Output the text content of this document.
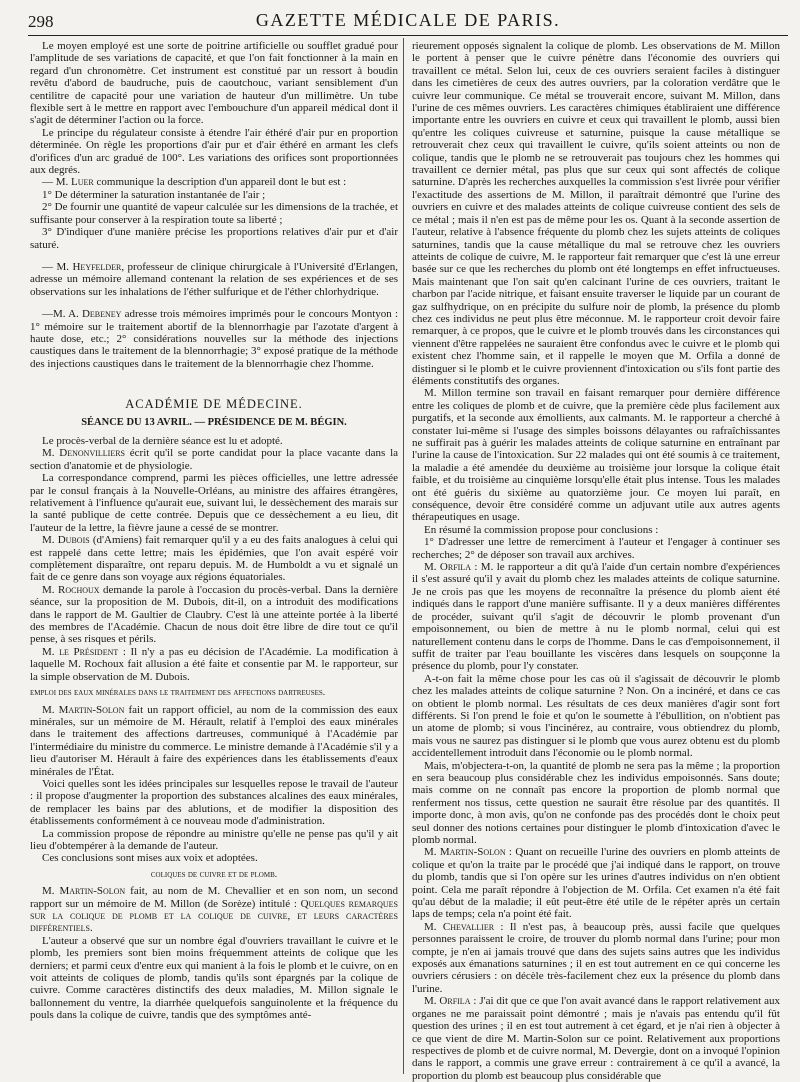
298	GAZETTE MÉDICALE DE PARIS.

Le moyen employé est une sorte de poitrine artificielle ou soufflet gradué pour l'amplitude de ses variations de capacité, et que l'on fait fonctionner à la main en regard d'un chronomètre. Cet instrument est constitué par un ressort à boudin revêtu d'abord de baudruche, puis de caoutchouc, variant sensiblement d'un centilitre de capacité pour une variation de hauteur d'un millimètre. Un tube flexible sert à le mettre en rapport avec l'embouchure d'un appareil médical dont il s'agit de déterminer l'action ou la force.

Le principe du régulateur consiste à étendre l'air éthéré d'air pur en proportion déterminée. On règle les proportions d'air pur et d'air éthéré en armant les clefs d'orifices d'un arc gradué de 100°. Les variations des orifices sont proportionnées aux degrés.

— M. Luer communique la description d'un appareil dont le but est :

1° De déterminer la saturation instantanée de l'air ;

2° De fournir une quantité de vapeur calculée sur les dimensions de la trachée, et suffisante pour conserver à la respiration toute sa liberté ;

3° D'indiquer d'une manière précise les proportions relatives d'air pur et d'air saturé.

— M. Heyfelder, professeur de clinique chirurgicale à l'Université d'Erlangen, adresse un mémoire allemand contenant la relation de ses expériences et de ses observations sur les inhalations de l'éther sulfurique et de l'éther chlorhydrique.

—M. A. Debeney adresse trois mémoires imprimés pour le concours Montyon : 1° mémoire sur le traitement abortif de la blennorrhagie par l'azotate d'argent à haute dose, etc.; 2° considérations nouvelles sur la méthode des injections caustiques dans le traitement de la blennorrhagie; 3° exposé pratique de la méthode des injections caustiques dans le traitement de la blennorrhagie chez l'homme.

ACADÉMIE DE MÉDECINE.
SÉANCE DU 13 AVRIL. — PRÉSIDENCE DE M. BÉGIN.

Le procès-verbal de la dernière séance est lu et adopté.

M. Denonvilliers écrit qu'il se porte candidat pour la place vacante dans la section d'anatomie et de physiologie.

La correspondance comprend, parmi les pièces officielles, une lettre adressée par le consul français à la Nouvelle-Orléans, au ministre des affaires étrangères, relativement à l'influence qu'aurait eue, suivant lui, le dessèchement des marais sur la santé publique de cette contrée. Depuis que ce dessèchement a eu lieu, dit l'auteur de la lettre, la fièvre jaune a cessé de se montrer.

M. Dubois (d'Amiens) fait remarquer qu'il y a eu des faits analogues à celui qui est rappelé dans cette lettre; mais les épidémies, que l'on avait espéré voir complètement disparaître, ont reparu depuis. M. de Humboldt a vu et signalé un fait de ce genre dans son voyage aux régions équatoriales.

M. Rochoux demande la parole à l'occasion du procès-verbal. Dans la dernière séance, sur la proposition de M. Dubois, dit-il, on a introduit des modifications dans le rapport de M. Gaultier de Claubry. C'est là une atteinte portée à la liberté des membres de l'Académie. Chacun de nous doit être libre de dire tout ce qu'il pense, à ses risques et périls.

M. le Président : Il n'y a pas eu décision de l'Académie. La modification à laquelle M. Rochoux fait allusion a été faite et consentie par M. le rapporteur, sur la simple observation de M. Dubois.

emploi des eaux minérales dans le traitement des affections dartreuses.

M. Martin-Solon fait un rapport officiel, au nom de la commission des eaux minérales, sur un mémoire de M. Hérault, relatif à l'emploi des eaux minérales dans le traitement des affections dartreuses, communiqué à l'Académie par l'intermédiaire du ministre du commerce. Le ministre demande à l'Académie s'il y a lieu d'autoriser M. Hérault à faire des expériences dans les établissements d'eaux minérales de l'État.

Voici quelles sont les idées principales sur lesquelles repose le travail de l'auteur : il propose d'augmenter la proportion des substances alcalines des eaux minérales, de remplacer les bains par des ablutions, et de modifier la disposition des établissements conformément à ce nouveau mode d'administration.

La commission propose de répondre au ministre qu'elle ne pense pas qu'il y ait lieu d'obtempérer à la demande de l'auteur.

Ces conclusions sont mises aux voix et adoptées.

coliques de cuivre et de plomb.

M. Martin-Solon fait, au nom de M. Chevallier et en son nom, un second rapport sur un mémoire de M. Millon (de Sorèze) intitulé : Quelques remarques sur la colique de plomb et la colique de cuivre, et leurs caractères différentiels.

L'auteur a observé que sur un nombre égal d'ouvriers travaillant le cuivre et le plomb, les premiers sont bien moins fréquemment atteints de colique que les derniers; et parmi ceux d'entre eux qui manient à la fois le plomb et le cuivre, on en voit atteints de coliques de plomb, tandis qu'ils sont épargnés par la colique de cuivre. Comme caractères distinctifs des deux maladies, M. Millon signale le ballonnement du ventre, la diarrhée quelquefois sanguinolente et la fréquence du pouls dans la colique de cuivre, tandis que des symptômes anté-

rieurement opposés signalent la colique de plomb. Les observations de M. Millon le portent à penser que le cuivre pénètre dans l'économie des ouvriers qui travaillent ce métal. Selon lui, ceux de ces ouvriers seraient faciles à distinguer dans les cimetières de ceux des autres ouvriers, par la coloration verdâtre que le cuivre leur communique. Ce métal se trouverait encore, suivant M. Millon, dans l'urine de ces mêmes ouvriers. Les caractères chimiques établiraient une différence importante entre les ouvriers en cuivre et ceux qui travaillent le plomb, aussi bien qu'entre les coliques cuivreuse et saturnine, puisque la cause métallique se retrouverait chez ceux qui travaillent le cuivre, qu'ils soient atteints ou non de colique, tandis que le plomb ne se retrouverait pas toujours chez les hommes qui travaillent ce dernier métal, pas plus que sur ceux qui sont affectés de colique saturnine. D'après les recherches auxquelles la commission s'est livrée pour vérifier l'exactitude des assertions de M. Millon, il paraîtrait démontré que l'urine des ouvriers en cuivre et des malades atteints de colique cuivreuse contient des sels de ce métal ; mais il n'en est pas de même pour les os. Quant à la seconde assertion de l'auteur, relative à l'absence fréquente du plomb chez les sujets atteints de coliques saturnines, tandis que la cause métallique du mal se retrouve chez les ouvriers atteints de colique de cuivre, M. le rapporteur fait remarquer que c'est là une erreur basée sur ce que les recherches du plomb ont été longtemps en effet infructueuses. Mais maintenant que l'on sait qu'en calcinant l'urine de ces ouvriers, traitant le charbon par l'acide nitrique, et faisant ensuite traverser le liquide par un courant de gaz sulfhydrique, on en précipite du sulfure noir de plomb, la présence du plomb chez ces individus ne peut plus être méconnue. M. le rapporteur croit devoir faire remarquer, à ce propos, que le cuivre et le plomb trouvés dans les circonstances qui viennent d'être rappelées ne sauraient être confondus avec le cuivre et le plomb qui existent chez l'homme sain, et il rappelle le moyen que M. Orfila a donné de distinguer si le plomb et le cuivre proviennent d'intoxication ou s'ils font partie des éléments constitutifs des organes.

M. Millon termine son travail en faisant remarquer pour dernière différence entre les coliques de plomb et de cuivre, que la première cède plus facilement aux purgatifs, et la seconde aux émollients, aux calmants. M. le rapporteur a cherché à constater lui-même si l'usage des simples boissons délayantes ou rafraîchissantes ne suffirait pas à guérir les malades atteints de colique saturnine en entraînant par l'urine la cause de l'intoxication. Sur 22 malades qui ont été soumis à ce traitement, la maladie a été amendée du deuxième au troisième jour lorsque la colique était faible, et du troisième au cinquième lorsqu'elle était plus intense. Tous les malades ont été guéris du sixième au quatorzième jour. Ce moyen lui paraît, en conséquence, devoir être considéré comme un adjuvant utile aux autres agents thérapeutiques en usage.

En résumé la commission propose pour conclusions :

1° D'adresser une lettre de remerciment à l'auteur et l'engager à continuer ses recherches; 2° de déposer son travail aux archives.

M. Orfila : M. le rapporteur a dit qu'à l'aide d'un certain nombre d'expériences il s'est assuré qu'il y avait du plomb chez les malades atteints de colique saturnine. Je ne crois pas que les moyens de reconnaître la présence du plomb aient été indiqués dans le rapport d'une manière suffisante. Il y a deux manières différentes de procéder, suivant qu'il s'agit de découvrir le plomb provenant d'un empoisonnement, ou bien de mettre à nu le plomb normal, celui qui est naturellement contenu dans le corps de l'homme. Dans le cas d'empoisonnement, il suffit de traiter par l'eau bouillante les viscères dans lesquels on soupçonne la présence du plomb, pour l'y constater.

A-t-on fait la même chose pour les cas où il s'agissait de découvrir le plomb chez les malades atteints de colique saturnine ? Non. On a incinéré, et dans ce cas on obtient le plomb normal. Les résultats de ces deux manières d'agir sont fort différents. Si l'on prend le foie et qu'on le soumette à l'ébullition, on n'obtient pas un atome de plomb; si vous l'incinérez, au contraire, vous obtiendrez du plomb, mais vous ne saurez pas distinguer si le plomb que vous aurez obtenu est du plomb accidentellement introduit dans l'économie ou le plomb normal.

Mais, m'objectera-t-on, la quantité de plomb ne sera pas la même ; la proportion en sera beaucoup plus considérable chez les individus empoisonnés. Sans doute; mais comme on ne connaît pas encore la proportion de plomb normal que renferment nos tissus, cette question ne saurait être résolue par des quantités. Il importe donc, à mon avis, qu'on ne confonde pas des procédés dont le choix peut seul donner des notions certaines pour distinguer le plomb d'intoxication d'avec le plomb normal.

M. Martin-Solon : Quant on recueille l'urine des ouvriers en plomb atteints de colique et qu'on la traite par le procédé que j'ai indiqué dans le rapport, on trouve du plomb, tandis que si l'on opère sur les urines d'autres individus on n'en obtient point. Cela me paraît répondre à l'objection de M. Orfila. Cet examen n'a été fait qu'au début de la maladie; il eût peut-être été utile de le répéter après un certain laps de temps; cela n'a point été fait.

M. Chevallier : Il n'est pas, à beaucoup près, aussi facile que quelques personnes paraissent le croire, de trouver du plomb normal dans l'urine; pour mon compte, je n'en ai jamais trouvé que dans des sujets sains autres que les individus exposés aux émanations saturnines ; il en est tout autrement en ce qui concerne les ouvriers cérusiers : on décèle très-facilement chez eux la présence du plomb dans l'urine.

M. Orfila : J'ai dit que ce que l'on avait avancé dans le rapport relativement aux organes ne me paraissait point démontré ; mais je n'avais pas entendu qu'il fût question des urines ; il en est tout autrement à cet égard, et je n'ai rien à objecter à ce que vient de dire M. Martin-Solon sur ce point. Relativement aux proportions respectives de plomb et de cuivre normal, M. Devergie, dont on a invoqué l'opinion dans le rapport, a commis une grave erreur : contrairement à ce qu'il a avancé, la proportion du plomb est beaucoup plus considérable que
